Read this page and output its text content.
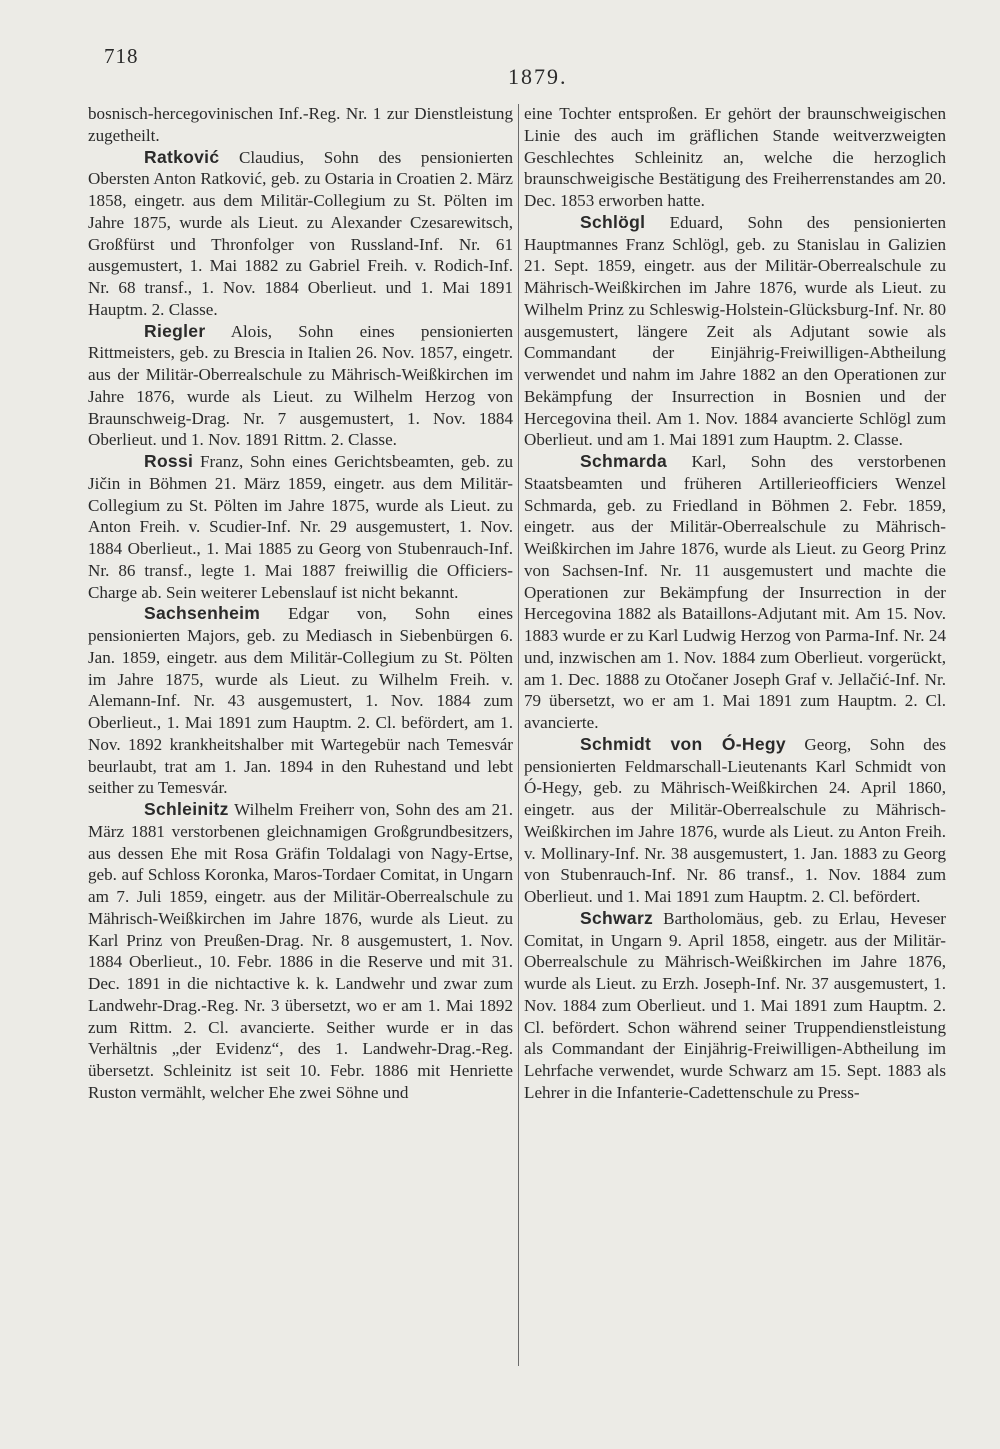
718
1879.

bosnisch-hercegovinischen Inf.-Reg. Nr. 1 zur Dienstleistung zugetheilt.

Ratković Claudius, Sohn des pensionierten Obersten Anton Ratković, geb. zu Ostaria in Croatien 2. März 1858, eingetr. aus dem Militär-Collegium zu St. Pölten im Jahre 1875, wurde als Lieut. zu Alexander Czesarewitsch, Großfürst und Thronfolger von Russland-Inf. Nr. 61 ausgemustert, 1. Mai 1882 zu Gabriel Freih. v. Rodich-Inf. Nr. 68 transf., 1. Nov. 1884 Oberlieut. und 1. Mai 1891 Hauptm. 2. Classe.

Riegler Alois, Sohn eines pensionierten Rittmeisters, geb. zu Brescia in Italien 26. Nov. 1857, eingetr. aus der Militär-Oberrealschule zu Mährisch-Weißkirchen im Jahre 1876, wurde als Lieut. zu Wilhelm Herzog von Braunschweig-Drag. Nr. 7 ausgemustert, 1. Nov. 1884 Oberlieut. und 1. Nov. 1891 Rittm. 2. Classe.

Rossi Franz, Sohn eines Gerichtsbeamten, geb. zu Jičin in Böhmen 21. März 1859, eingetr. aus dem Militär-Collegium zu St. Pölten im Jahre 1875, wurde als Lieut. zu Anton Freih. v. Scudier-Inf. Nr. 29 ausgemustert, 1. Nov. 1884 Oberlieut., 1. Mai 1885 zu Georg von Stubenrauch-Inf. Nr. 86 transf., legte 1. Mai 1887 freiwillig die Officiers-Charge ab. Sein weiterer Lebenslauf ist nicht bekannt.

Sachsenheim Edgar von, Sohn eines pensionierten Majors, geb. zu Mediasch in Siebenbürgen 6. Jan. 1859, eingetr. aus dem Militär-Collegium zu St. Pölten im Jahre 1875, wurde als Lieut. zu Wilhelm Freih. v. Alemann-Inf. Nr. 43 ausgemustert, 1. Nov. 1884 zum Oberlieut., 1. Mai 1891 zum Hauptm. 2. Cl. befördert, am 1. Nov. 1892 krankheitshalber mit Wartegebür nach Temesvár beurlaubt, trat am 1. Jan. 1894 in den Ruhestand und lebt seither zu Temesvár.

Schleinitz Wilhelm Freiherr von, Sohn des am 21. März 1881 verstorbenen gleichnamigen Großgrundbesitzers, aus dessen Ehe mit Rosa Gräfin Toldalagi von Nagy-Ertse, geb. auf Schloss Koronka, Maros-Tordaer Comitat, in Ungarn am 7. Juli 1859, eingetr. aus der Militär-Oberrealschule zu Mährisch-Weißkirchen im Jahre 1876, wurde als Lieut. zu Karl Prinz von Preußen-Drag. Nr. 8 ausgemustert, 1. Nov. 1884 Oberlieut., 10. Febr. 1886 in die Reserve und mit 31. Dec. 1891 in die nichtactive k. k. Landwehr und zwar zum Landwehr-Drag.-Reg. Nr. 3 übersetzt, wo er am 1. Mai 1892 zum Rittm. 2. Cl. avancierte. Seither wurde er in das Verhältnis „der Evidenz“, des 1. Landwehr-Drag.-Reg. übersetzt. Schleinitz ist seit 10. Febr. 1886 mit Henriette Ruston vermählt, welcher Ehe zwei Söhne und

eine Tochter entsproßen. Er gehört der braunschweigischen Linie des auch im gräflichen Stande weitverzweigten Geschlechtes Schleinitz an, welche die herzoglich braunschweigische Bestätigung des Freiherrenstandes am 20. Dec. 1853 erworben hatte.

Schlögl Eduard, Sohn des pensionierten Hauptmannes Franz Schlögl, geb. zu Stanislau in Galizien 21. Sept. 1859, eingetr. aus der Militär-Oberrealschule zu Mährisch-Weißkirchen im Jahre 1876, wurde als Lieut. zu Wilhelm Prinz zu Schleswig-Holstein-Glücksburg-Inf. Nr. 80 ausgemustert, längere Zeit als Adjutant sowie als Commandant der Einjährig-Freiwilligen-Abtheilung verwendet und nahm im Jahre 1882 an den Operationen zur Bekämpfung der Insurrection in Bosnien und der Hercegovina theil. Am 1. Nov. 1884 avancierte Schlögl zum Oberlieut. und am 1. Mai 1891 zum Hauptm. 2. Classe.

Schmarda Karl, Sohn des verstorbenen Staatsbeamten und früheren Artillerieofficiers Wenzel Schmarda, geb. zu Friedland in Böhmen 2. Febr. 1859, eingetr. aus der Militär-Oberrealschule zu Mährisch-Weißkirchen im Jahre 1876, wurde als Lieut. zu Georg Prinz von Sachsen-Inf. Nr. 11 ausgemustert und machte die Operationen zur Bekämpfung der Insurrection in der Hercegovina 1882 als Bataillons-Adjutant mit. Am 15. Nov. 1883 wurde er zu Karl Ludwig Herzog von Parma-Inf. Nr. 24 und, inzwischen am 1. Nov. 1884 zum Oberlieut. vorgerückt, am 1. Dec. 1888 zu Otočaner Joseph Graf v. Jellačić-Inf. Nr. 79 übersetzt, wo er am 1. Mai 1891 zum Hauptm. 2. Cl. avancierte.

Schmidt von Ó-Hegy Georg, Sohn des pensionierten Feldmarschall-Lieutenants Karl Schmidt von Ó-Hegy, geb. zu Mährisch-Weißkirchen 24. April 1860, eingetr. aus der Militär-Oberrealschule zu Mährisch-Weißkirchen im Jahre 1876, wurde als Lieut. zu Anton Freih. v. Mollinary-Inf. Nr. 38 ausgemustert, 1. Jan. 1883 zu Georg von Stubenrauch-Inf. Nr. 86 transf., 1. Nov. 1884 zum Oberlieut. und 1. Mai 1891 zum Hauptm. 2. Cl. befördert.

Schwarz Bartholomäus, geb. zu Erlau, Heveser Comitat, in Ungarn 9. April 1858, eingetr. aus der Militär-Oberrealschule zu Mährisch-Weißkirchen im Jahre 1876, wurde als Lieut. zu Erzh. Joseph-Inf. Nr. 37 ausgemustert, 1. Nov. 1884 zum Oberlieut. und 1. Mai 1891 zum Hauptm. 2. Cl. befördert. Schon während seiner Truppendienstleistung als Commandant der Einjährig-Freiwilligen-Abtheilung im Lehrfache verwendet, wurde Schwarz am 15. Sept. 1883 als Lehrer in die Infanterie-Cadettenschule zu Press-
